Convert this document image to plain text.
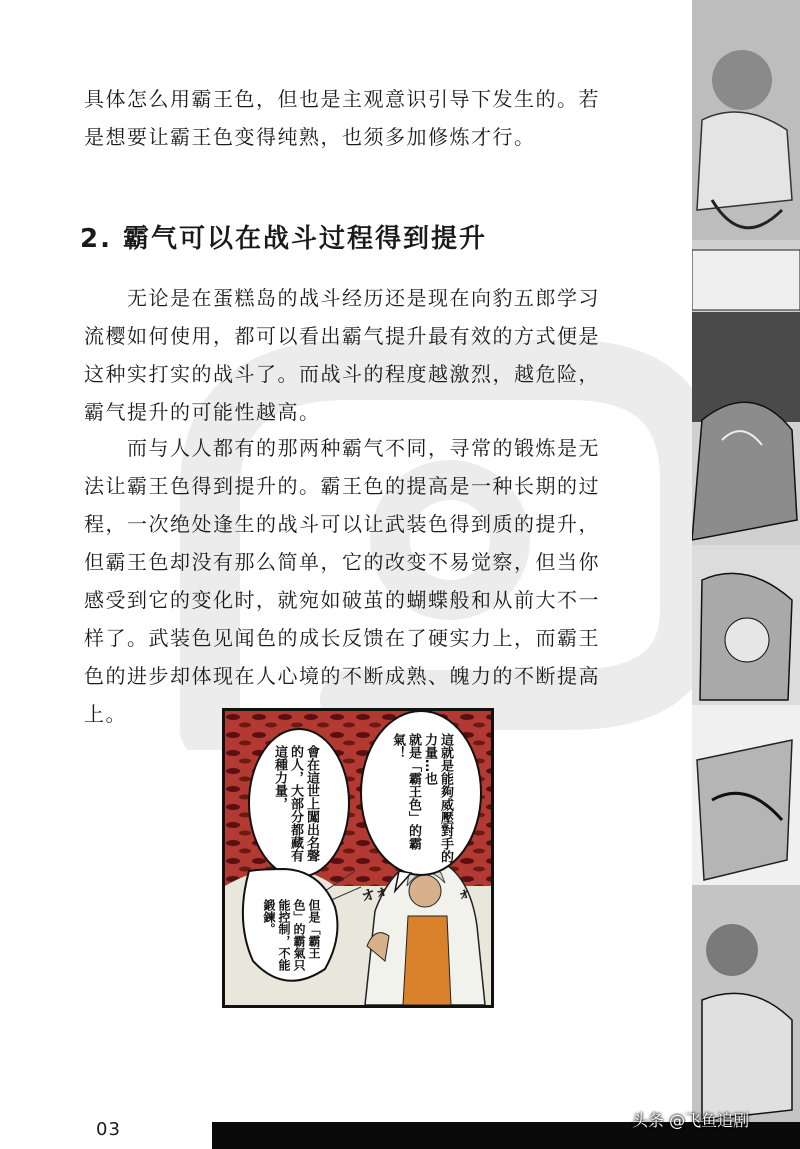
具体怎么用霸王色，但也是主观意识引导下发生的。若是想要让霸王色变得纯熟，也须多加修炼才行。

2. 霸气可以在战斗过程得到提升

无论是在蛋糕岛的战斗经历还是现在向豹五郎学习流樱如何使用，都可以看出霸气提升最有效的方式便是这种实打实的战斗了。而战斗的程度越激烈，越危险，霸气提升的可能性越高。

而与人人都有的那两种霸气不同，寻常的锻炼是无法让霸王色得到提升的。霸王色的提高是一种长期的过程，一次绝处逢生的战斗可以让武装色得到质的提升，但霸王色却没有那么简单，它的改变不易觉察，但当你感受到它的变化时，就宛如破茧的蝴蝶般和从前大不一样了。武装色见闻色的成长反馈在了硬实力上，而霸王色的进步却体现在人心境的不断成熟、魄力的不断提高上。

這就是能夠威壓對手的力量…也就是「霸王色」的霸氣！
會在這世上闖出名聲的人，大部分都藏有這種力量，
但是「霸王色」的霸氣只能控制，不能鍛鍊。
オォ	ォ
03	头条 @飞鱼追剧
